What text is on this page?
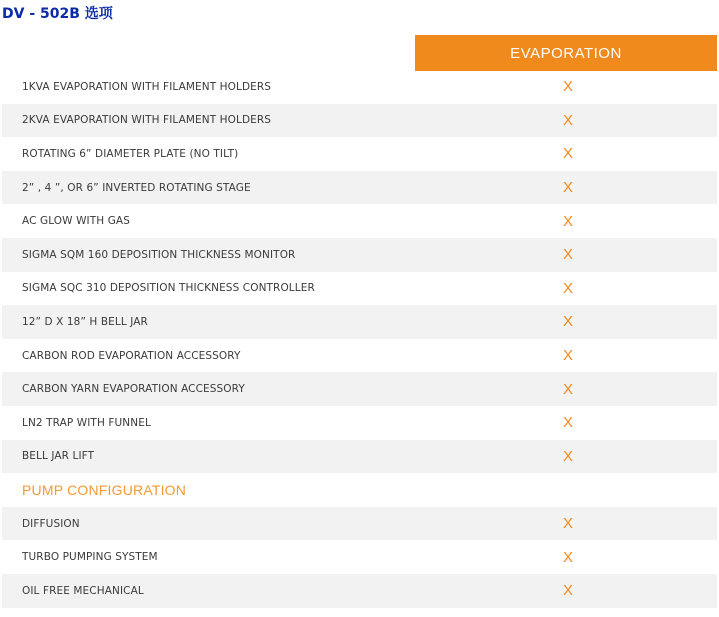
DV - 502B 选项
EVAPORATION
1KVA EVAPORATION WITH FILAMENT HOLDERS	X
2KVA EVAPORATION WITH FILAMENT HOLDERS	X
ROTATING 6” DIAMETER PLATE (NO TILT)	X
2” , 4 ”, OR 6” INVERTED ROTATING STAGE	X
AC GLOW WITH GAS	X
SIGMA SQM 160 DEPOSITION THICKNESS MONITOR	X
SIGMA SQC 310 DEPOSITION THICKNESS CONTROLLER	X
12” D X 18” H BELL JAR	X
CARBON ROD EVAPORATION ACCESSORY	X
CARBON YARN EVAPORATION ACCESSORY	X
LN2 TRAP WITH FUNNEL	X
BELL JAR LIFT	X
PUMP CONFIGURATION
DIFFUSION	X
TURBO PUMPING SYSTEM	X
OIL FREE MECHANICAL	X
